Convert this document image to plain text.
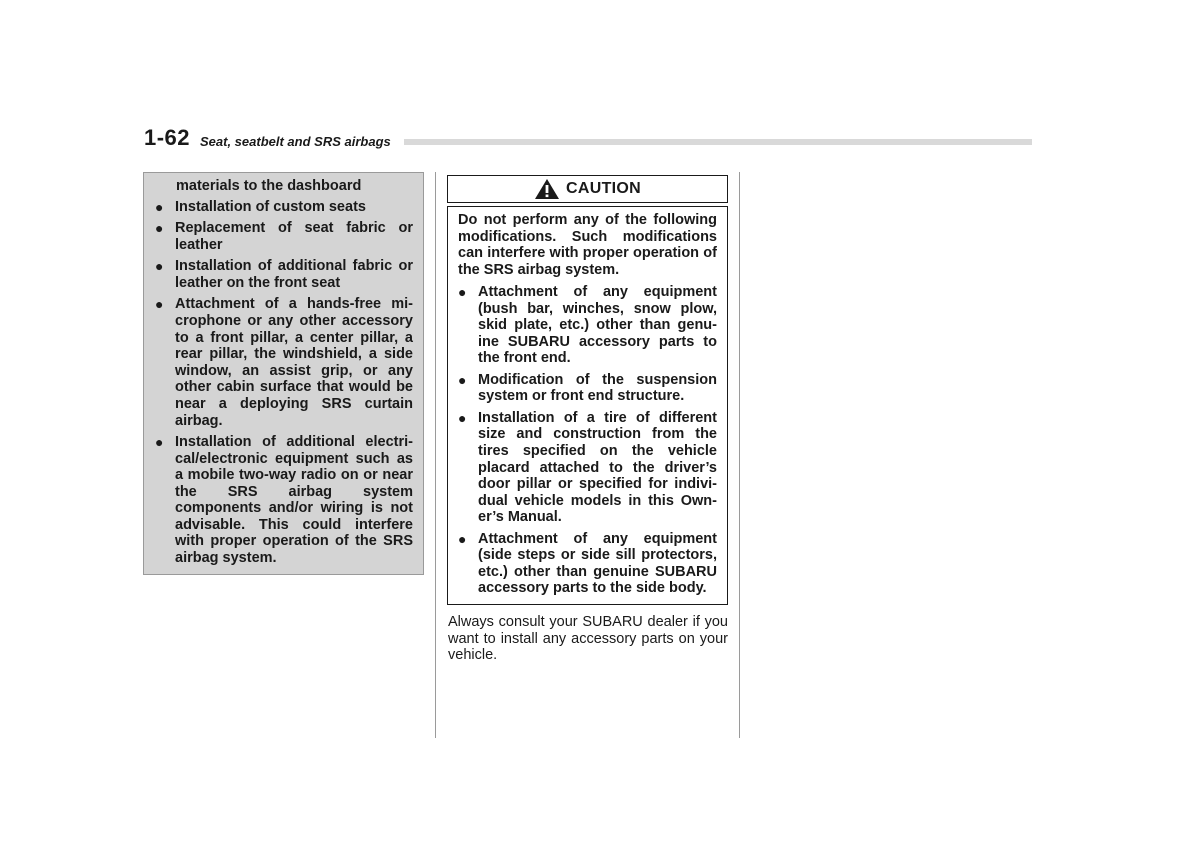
1-62 Seat, seatbelt and SRS airbags
materials to the dashboard
● Installation of custom seats
● Replacement of seat fabric or leather
● Installation of additional fabric or leather on the front seat
● Attachment of a hands-free mi-crophone or any other accessory to a front pillar, a center pillar, a rear pillar, the windshield, a side window, an assist grip, or any other cabin surface that would be near a deploying SRS curtain airbag.
● Installation of additional electri-cal/electronic equipment such as a mobile two-way radio on or near the SRS airbag system components and/or wiring is not advisable. This could interfere with proper operation of the SRS airbag system.
CAUTION
Do not perform any of the following modifications. Such modifications can interfere with proper operation of the SRS airbag system.
● Attachment of any equipment (bush bar, winches, snow plow, skid plate, etc.) other than genu-ine SUBARU accessory parts to the front end.
● Modification of the suspension system or front end structure.
● Installation of a tire of different size and construction from the tires specified on the vehicle placard attached to the driver’s door pillar or specified for indivi-dual vehicle models in this Own-er’s Manual.
● Attachment of any equipment (side steps or side sill protectors, etc.) other than genuine SUBARU accessory parts to the side body.
Always consult your SUBARU dealer if you want to install any accessory parts on your vehicle.
